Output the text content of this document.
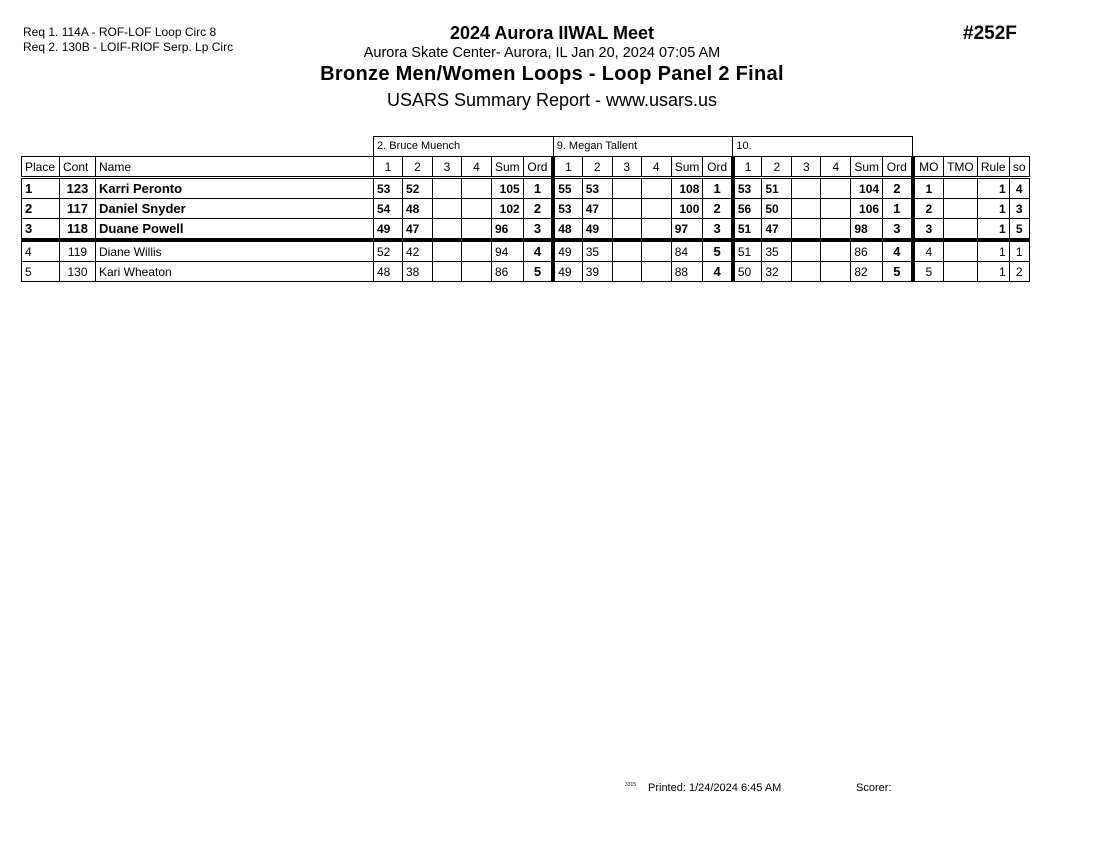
Req 1. 114A - ROF-LOF Loop Circ 8
Req 2. 130B - LOIF-RIOF Serp. Lp Circ
2024 Aurora IIWAL Meet
Aurora Skate Center- Aurora, IL Jan 20, 2024 07:05 AM
Bronze Men/Women Loops - Loop Panel 2 Final
USARS Summary Report - www.usars.us
#252F
			2. Bruce Muench						9. Megan Tallent						10.									
Place	Cont	Name	1	2	3	4	Sum	Ord	1	2	3	4	Sum	Ord	1	2	3	4	Sum	Ord	MO	TMO	Rule	so
1	123	Karri Peronto	53	52			105	1	55	53			108	1	53	51			104	2	1		1	4
2	117	Daniel Snyder	54	48			102	2	53	47			100	2	56	50			106	1	2		1	3
3	118	Duane Powell	49	47			96	3	48	49			97	3	51	47			98	3	3		1	5
4	119	Diane Willis	52	42			94	4	49	35			84	5	51	35			86	4	4		1	1
5	130	Kari Wheaton	48	38			86	5	49	39			88	4	50	32			82	5	5		1	2
3315 Printed: 1/24/2024 6:45 AM	Scorer:
